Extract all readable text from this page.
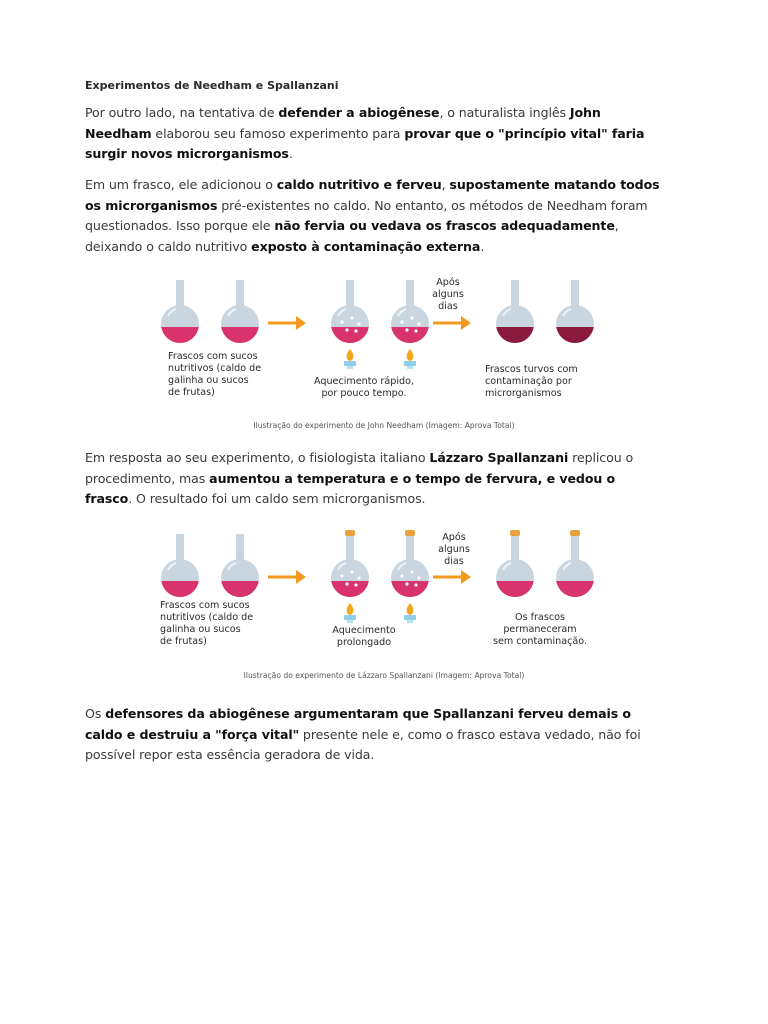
Experimentos de Needham e Spallanzani

Por outro lado, na tentativa de defender a abiogênese, o naturalista inglês John Needham elaborou seu famoso experimento para provar que o "princípio vital" faria surgir novos microrganismos.

Em um frasco, ele adicionou o caldo nutritivo e ferveu, supostamente matando todos os microrganismos pré-existentes no caldo. No entanto, os métodos de Needham foram questionados. Isso porque ele não fervia ou vedava os frascos adequadamente, deixando o caldo nutritivo exposto à contaminação externa.

Frascos com sucos
nutritivos (caldo de
galinha ou sucos
de frutas)
Aquecimento rápido,
por pouco tempo.
Após
alguns
dias
Frascos turvos com
contaminação por
microrganismos

Ilustração do experimento de John Needham (Imagem: Aprova Total)

Em resposta ao seu experimento, o fisiologista italiano Lázzaro Spallanzani replicou o procedimento, mas aumentou a temperatura e o tempo de fervura, e vedou o frasco. O resultado foi um caldo sem microrganismos.

Frascos com sucos
nutritivos (caldo de
galinha ou sucos
de frutas)
Aquecimento
prolongado
Após
alguns
dias
Os frascos
permaneceram
sem contaminação.

Ilustração do experimento de Lázzaro Spallanzani (Imagem: Aprova Total)

Os defensores da abiogênese argumentaram que Spallanzani ferveu demais o caldo e destruiu a "força vital" presente nele e, como o frasco estava vedado, não foi possível repor esta essência geradora de vida.
